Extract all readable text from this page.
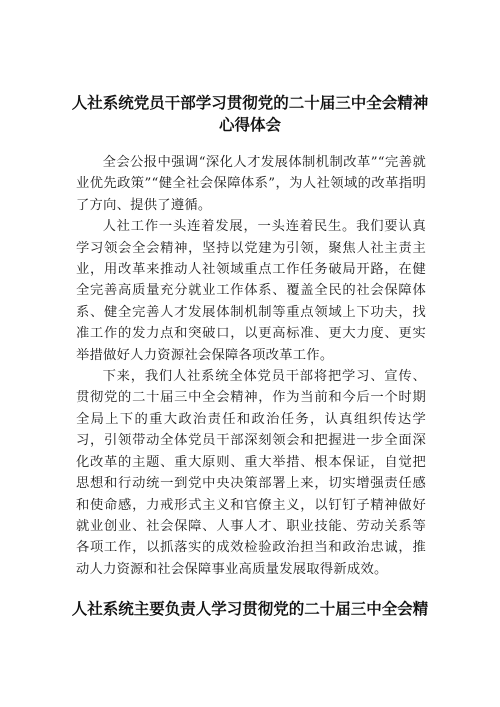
人社系统党员干部学习贯彻党的二十届三中全会精神
心得体会

全会公报中强调“深化人才发展体制机制改革”“完善就业优先政策”“健全社会保障体系”，为人社领域的改革指明了方向、提供了遵循。

人社工作一头连着发展，一头连着民生。我们要认真学习领会全会精神，坚持以党建为引领，聚焦人社主责主业，用改革来推动人社领域重点工作任务破局开路，在健全完善高质量充分就业工作体系、覆盖全民的社会保障体系、健全完善人才发展体制机制等重点领域上下功夫，找准工作的发力点和突破口，以更高标准、更大力度、更实举措做好人力资源社会保障各项改革工作。

下来，我们人社系统全体党员干部将把学习、宣传、贯彻党的二十届三中全会精神，作为当前和今后一个时期全局上下的重大政治责任和政治任务，认真组织传达学习，引领带动全体党员干部深刻领会和把握进一步全面深化改革的主题、重大原则、重大举措、根本保证，自觉把思想和行动统一到党中央决策部署上来，切实增强责任感和使命感，力戒形式主义和官僚主义，以钉钉子精神做好就业创业、社会保障、人事人才、职业技能、劳动关系等各项工作，以抓落实的成效检验政治担当和政治忠诚，推动人力资源和社会保障事业高质量发展取得新成效。

人社系统主要负责人学习贯彻党的二十届三中全会精
